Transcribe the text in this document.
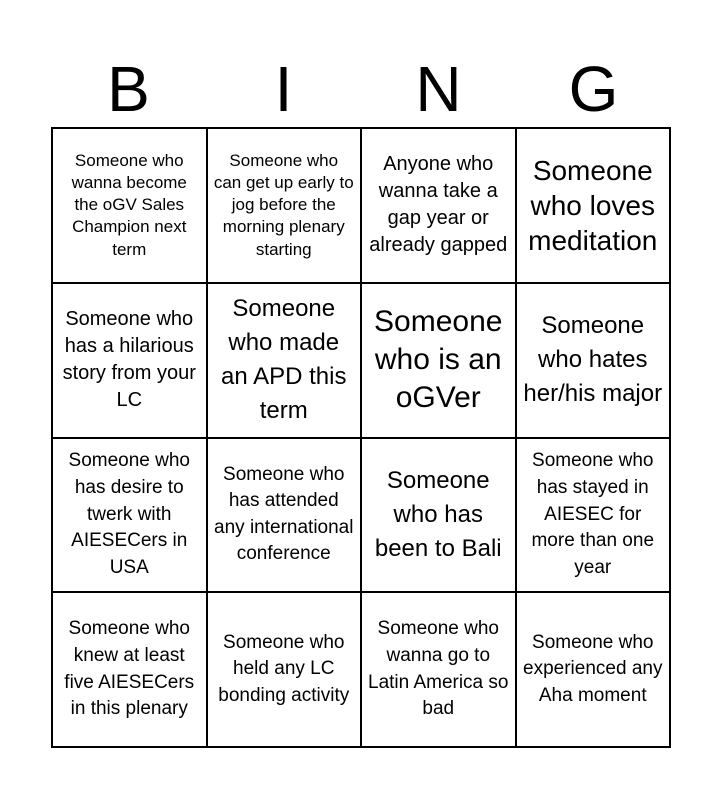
B	I	N	G
Someone who wanna become the oGV Sales Champion next term
Someone who can get up early to jog before the morning plenary starting
Anyone who wanna take a gap year or already gapped
Someone who loves meditation
Someone who has a hilarious story from your LC
Someone who made an APD this term
Someone who is an oGVer
Someone who hates her/his major
Someone who has desire to twerk with AIESECers in USA
Someone who has attended any international conference
Someone who has been to Bali
Someone who has stayed in AIESEC for more than one year
Someone who knew at least five AIESECers in this plenary
Someone who held any LC bonding activity
Someone who wanna go to Latin America so bad
Someone who experienced any Aha moment
